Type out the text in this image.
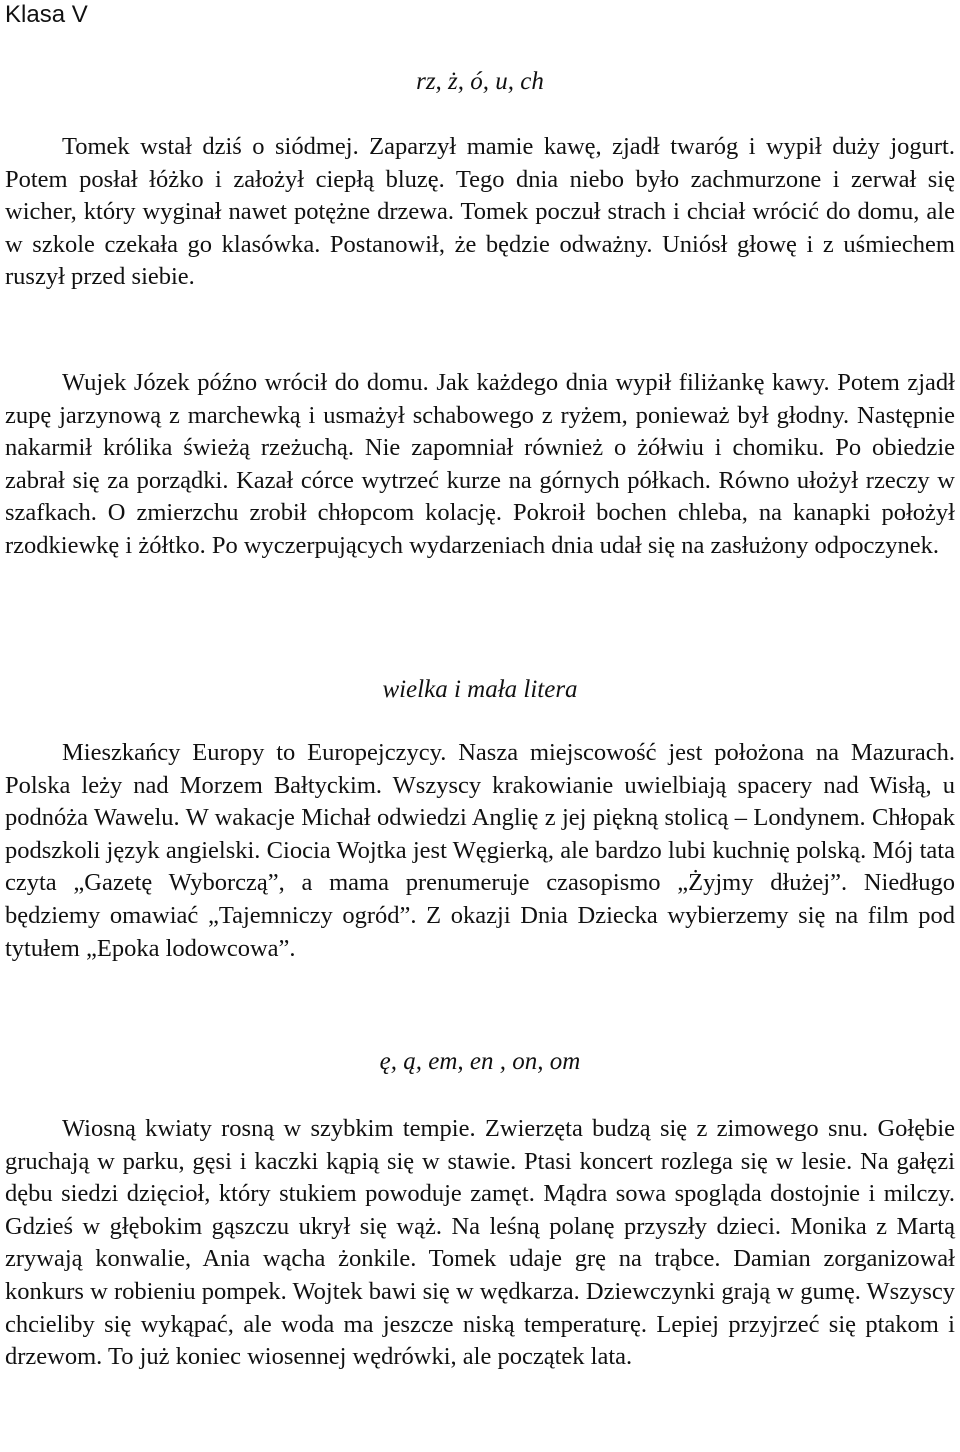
Klasa V
rz, ż, ó, u, ch

Tomek wstał dziś o siódmej. Zaparzył mamie kawę, zjadł twaróg i wypił duży jogurt. Potem posłał łóżko i założył ciepłą bluzę. Tego dnia niebo było zachmurzone i zerwał się wicher, który wyginał nawet potężne drzewa. Tomek poczuł strach i chciał wrócić do domu, ale w szkole czekała go klasówka. Postanowił, że będzie odważny. Uniósł głowę i z uśmiechem ruszył przed siebie.

Wujek Józek późno wrócił do domu. Jak każdego dnia wypił filiżankę kawy. Potem zjadł zupę jarzynową z marchewką i usmażył schabowego z ryżem, ponieważ był głodny. Następnie nakarmił królika świeżą rzeżuchą. Nie zapomniał również o żółwiu i chomiku. Po obiedzie zabrał się za porządki. Kazał córce wytrzeć kurze na górnych półkach. Równo ułożył rzeczy w szafkach. O zmierzchu zrobił chłopcom kolację. Pokroił bochen chleba, na kanapki położył rzodkiewkę i żółtko. Po wyczerpujących wydarzeniach dnia udał się na zasłużony odpoczynek.

wielka i mała litera

Mieszkańcy Europy to Europejczycy. Nasza miejscowość jest położona na Mazurach. Polska leży nad Morzem Bałtyckim. Wszyscy krakowianie uwielbiają spacery nad Wisłą, u podnóża Wawelu. W wakacje Michał odwiedzi Anglię z jej piękną stolicą – Londynem. Chłopak podszkoli język angielski. Ciocia Wojtka jest Węgierką, ale bardzo lubi kuchnię polską. Mój tata czyta „Gazetę Wyborczą”, a mama prenumeruje czasopismo „Żyjmy dłużej”. Niedługo będziemy omawiać „Tajemniczy ogród”. Z okazji Dnia Dziecka wybierzemy się na film pod tytułem „Epoka lodowcowa”.

ę, ą, em, en , on, om

Wiosną kwiaty rosną w szybkim tempie. Zwierzęta budzą się z zimowego snu. Gołębie gruchają w parku, gęsi i kaczki kąpią się w stawie. Ptasi koncert rozlega się w lesie. Na gałęzi dębu siedzi dzięcioł, który stukiem powoduje zamęt. Mądra sowa spogląda dostojnie i milczy. Gdzieś w głębokim gąszczu ukrył się wąż. Na leśną polanę przyszły dzieci. Monika z Martą zrywają konwalie, Ania wącha żonkile. Tomek udaje grę na trąbce. Damian zorganizował konkurs w robieniu pompek. Wojtek bawi się w wędkarza. Dziewczynki grają w gumę. Wszyscy chcieliby się wykąpać, ale woda ma jeszcze niską temperaturę. Lepiej przyjrzeć się ptakom i drzewom. To już koniec wiosennej wędrówki, ale początek lata.
